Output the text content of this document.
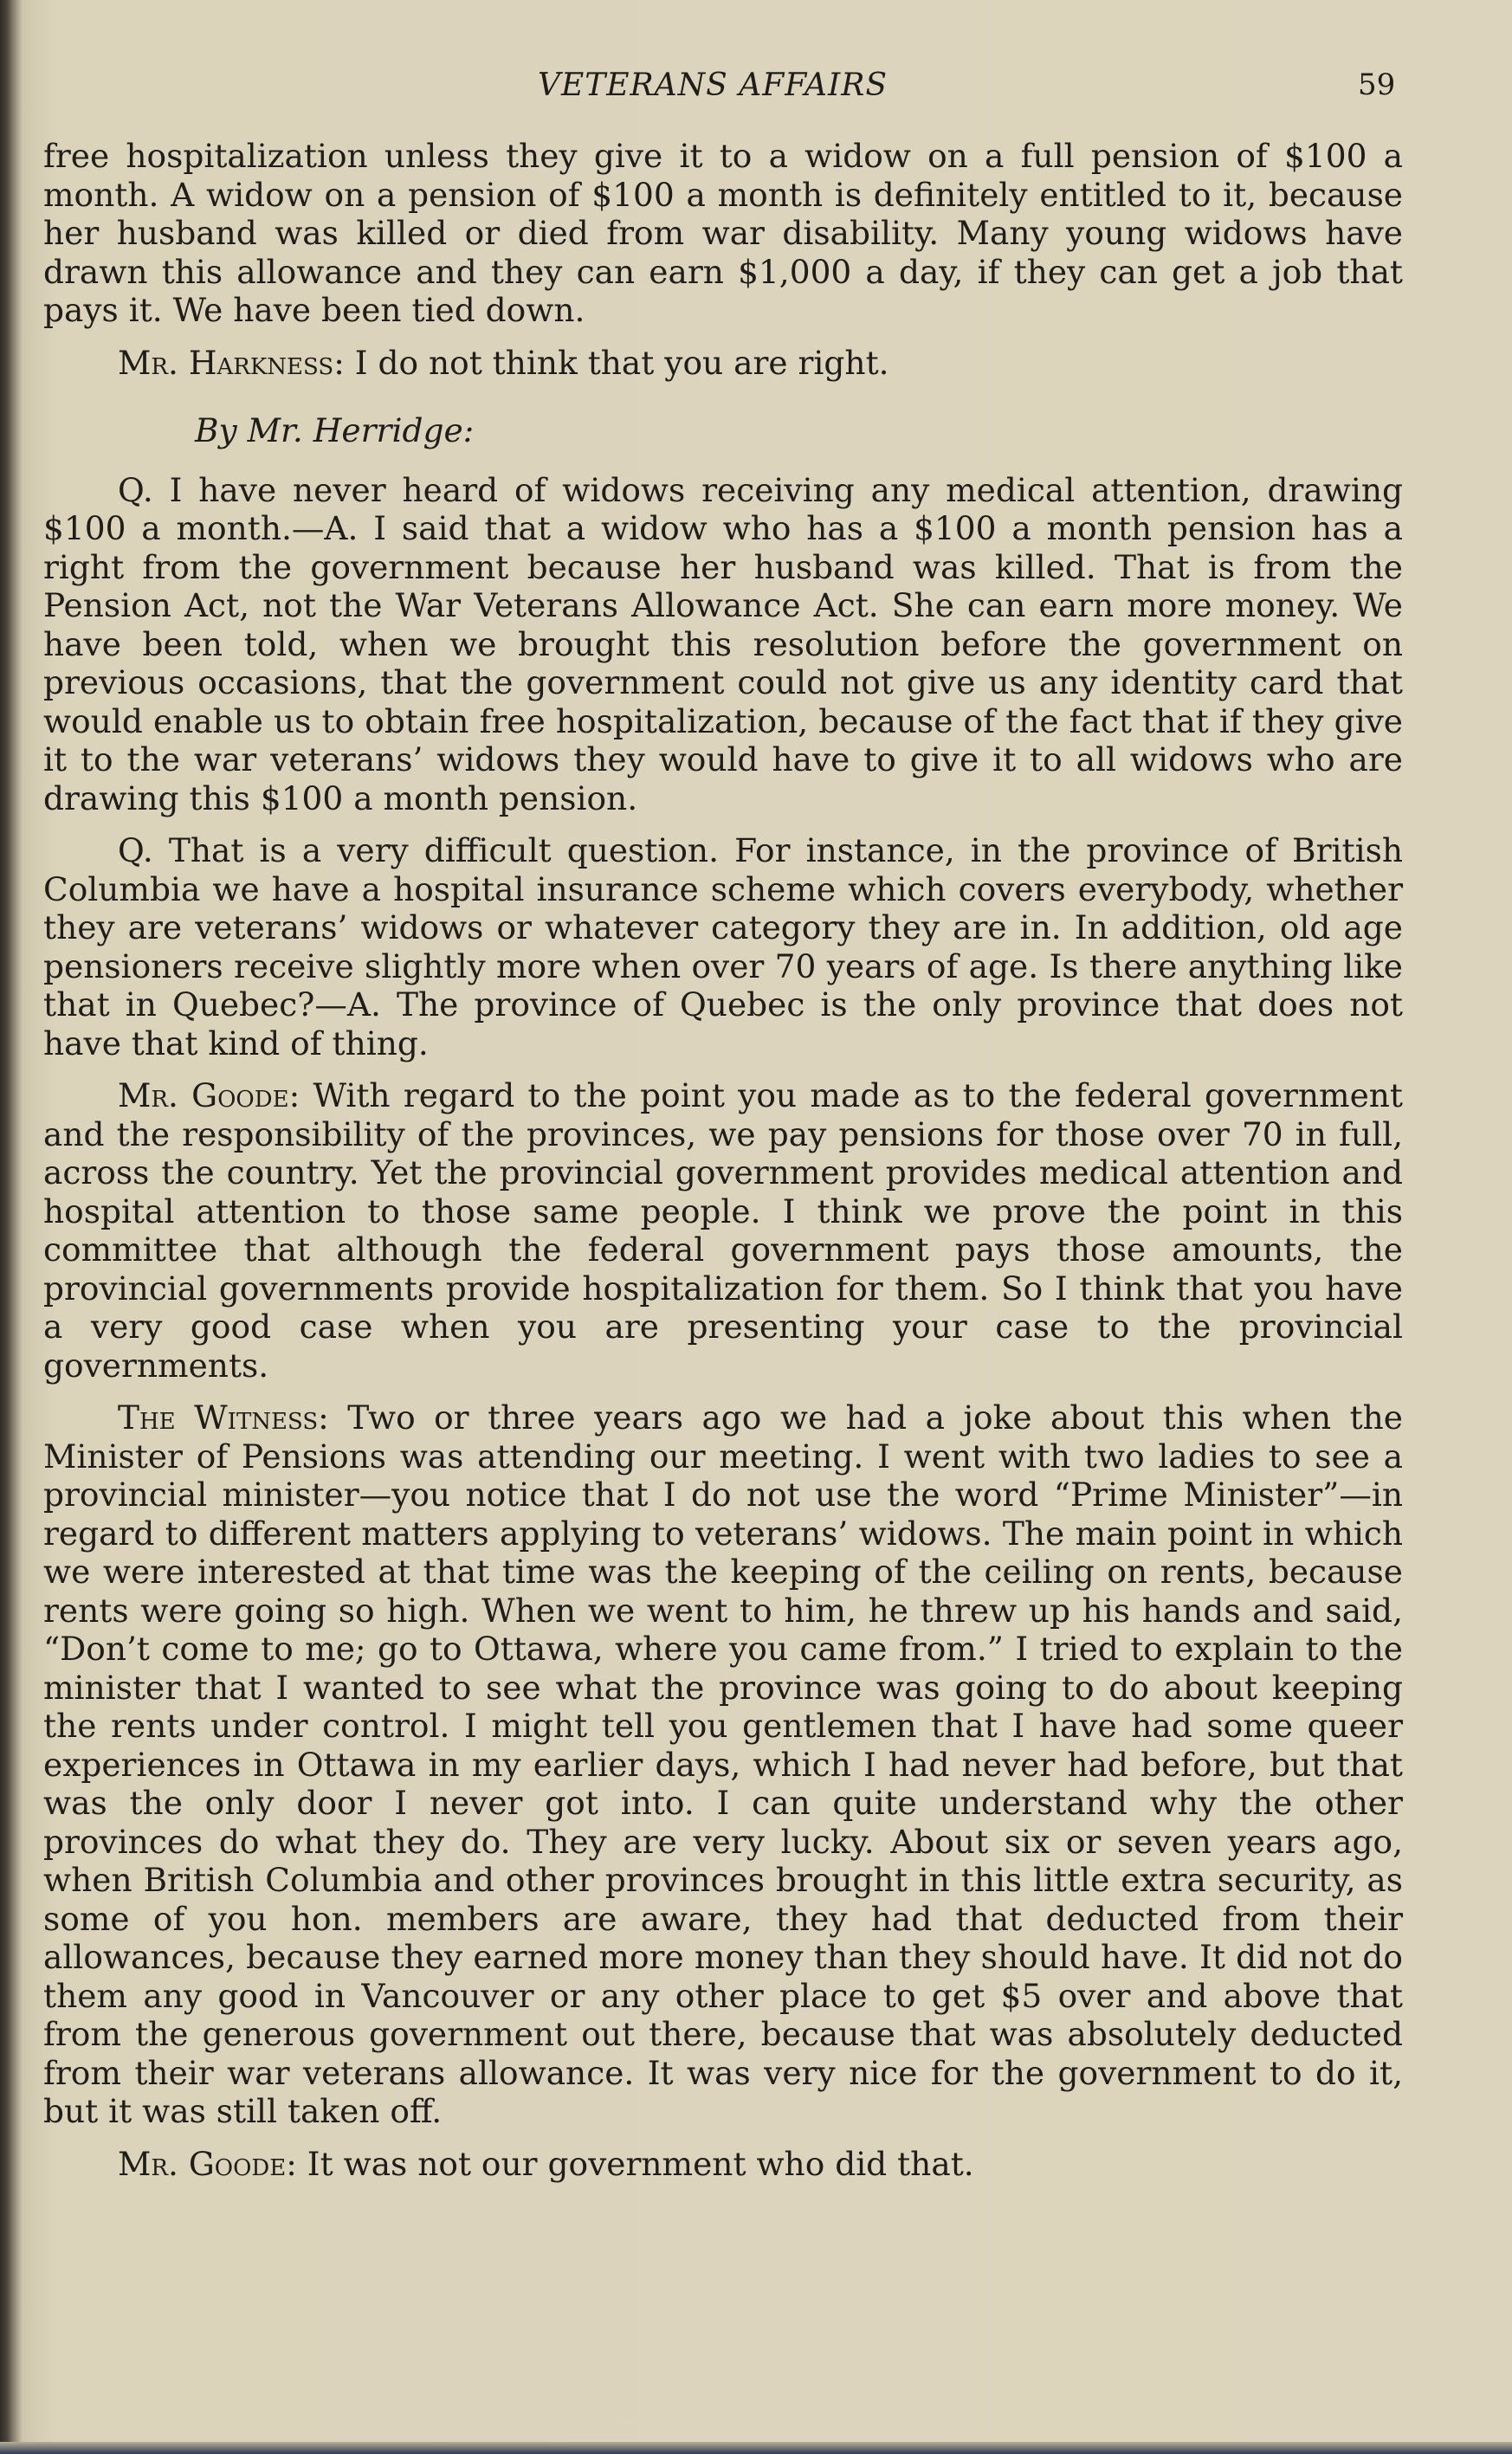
VETERANS AFFAIRS	59

free hospitalization unless they give it to a widow on a full pension of $100 a month. A widow on a pension of $100 a month is definitely entitled to it, because her husband was killed or died from war disability. Many young widows have drawn this allowance and they can earn $1,000 a day, if they can get a job that pays it. We have been tied down.

Mr. Harkness: I do not think that you are right.

By Mr. Herridge:

Q. I have never heard of widows receiving any medical attention, drawing $100 a month.—A. I said that a widow who has a $100 a month pension has a right from the government because her husband was killed. That is from the Pension Act, not the War Veterans Allowance Act. She can earn more money. We have been told, when we brought this resolution before the government on previous occasions, that the government could not give us any identity card that would enable us to obtain free hospitalization, because of the fact that if they give it to the war veterans’ widows they would have to give it to all widows who are drawing this $100 a month pension.

Q. That is a very difficult question. For instance, in the province of British Columbia we have a hospital insurance scheme which covers everybody, whether they are veterans’ widows or whatever category they are in. In addition, old age pensioners receive slightly more when over 70 years of age. Is there anything like that in Quebec?—A. The province of Quebec is the only province that does not have that kind of thing.

Mr. Goode: With regard to the point you made as to the federal government and the responsibility of the provinces, we pay pensions for those over 70 in full, across the country. Yet the provincial government provides medical attention and hospital attention to those same people. I think we prove the point in this committee that although the federal government pays those amounts, the provincial governments provide hospitalization for them. So I think that you have a very good case when you are presenting your case to the provincial governments.

The Witness: Two or three years ago we had a joke about this when the Minister of Pensions was attending our meeting. I went with two ladies to see a provincial minister—you notice that I do not use the word “Prime Minister”—in regard to different matters applying to veterans’ widows. The main point in which we were interested at that time was the keeping of the ceiling on rents, because rents were going so high. When we went to him, he threw up his hands and said, “Don’t come to me; go to Ottawa, where you came from.” I tried to explain to the minister that I wanted to see what the province was going to do about keeping the rents under control. I might tell you gentlemen that I have had some queer experiences in Ottawa in my earlier days, which I had never had before, but that was the only door I never got into. I can quite understand why the other provinces do what they do. They are very lucky. About six or seven years ago, when British Columbia and other provinces brought in this little extra security, as some of you hon. members are aware, they had that deducted from their allowances, because they earned more money than they should have. It did not do them any good in Vancouver or any other place to get $5 over and above that from the generous government out there, because that was absolutely deducted from their war veterans allowance. It was very nice for the government to do it, but it was still taken off.

Mr. Goode: It was not our government who did that.
